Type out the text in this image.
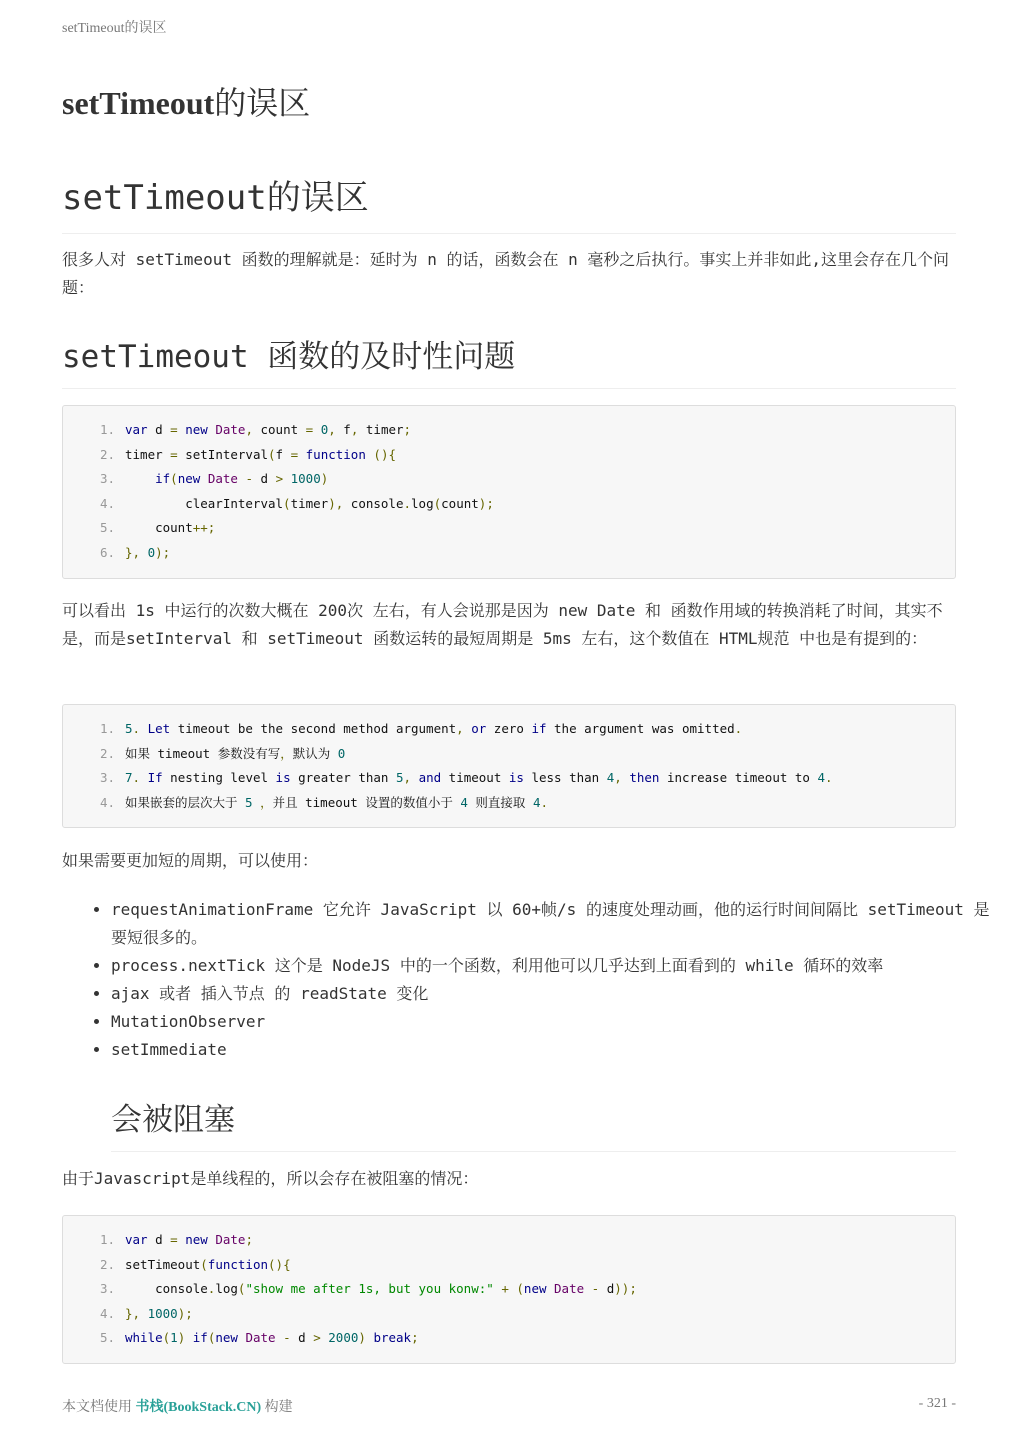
setTimeout的误区
setTimeout的误区
setTimeout的误区

很多人对 setTimeout 函数的理解就是：延时为 n 的话，函数会在 n 毫秒之后执行。事实上并非如此,这里会存在几个问题：

setTimeout 函数的及时性问题
1. var d = new Date, count = 0, f, timer;
2. timer = setInterval(f = function (){
3.	if(new Date - d > 1000)
4. clearInterval(timer), console.log(count);
5. count++;
6. }, 0);

可以看出 1s 中运行的次数大概在 200次 左右，有人会说那是因为 new Date 和 函数作用域的转换消耗了时间，其实不是，而是setInterval 和 setTimeout 函数运转的最短周期是 5ms 左右，这个数值在 HTML规范 中也是有提到的：

1. 5. Let timeout be the second method argument, or zero if the argument was omitted.
2. 如果 timeout 参数没有写，默认为 0
3. 7. If nesting level is greater than 5, and timeout is less than 4, then increase timeout to 4.
4. 如果嵌套的层次大于 5 ，并且 timeout 设置的数值小于 4 则直接取 4.

如果需要更加短的周期，可以使用：

• requestAnimationFrame 它允许 JavaScript 以 60+帧/s 的速度处理动画，他的运行时间间隔比 setTimeout 是要短很多的。
• process.nextTick 这个是 NodeJS 中的一个函数，利用他可以几乎达到上面看到的 while 循环的效率
• ajax 或者 插入节点 的 readState 变化
• MutationObserver
• setImmediate
会被阻塞

由于Javascript是单线程的，所以会存在被阻塞的情况：

1. var d = new Date;
2. setTimeout(function(){
3. console.log("show me after 1s, but you konw:" + (new Date - d));
4. }, 1000);
5. while(1) if(new Date - d > 2000) break;
本文档使用 书栈(BookStack.CN) 构建	- 321 -
